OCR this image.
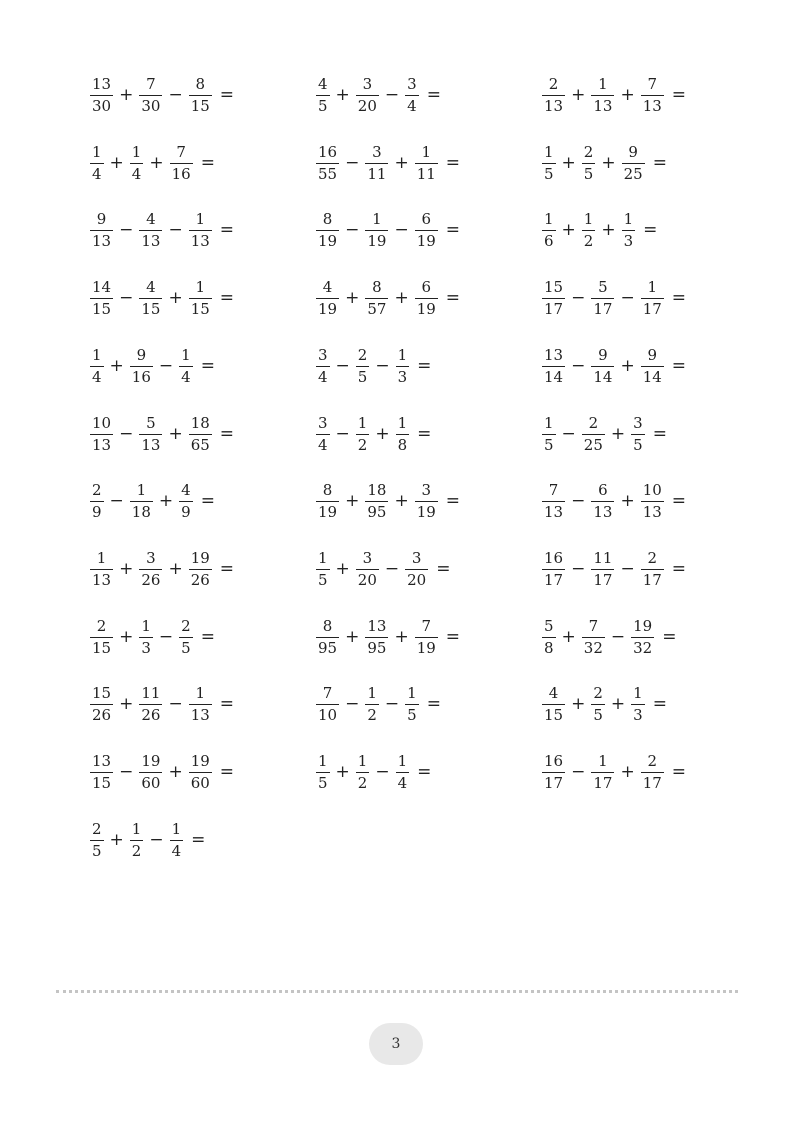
$\frac{13}{30} + \frac{7}{30} - \frac{8}{15}$ =	$\frac{4}{5} + \frac{3}{20} - \frac{3}{4}$ =	$\frac{2}{13} + \frac{1}{13} + \frac{7}{13}$ =
$\frac{1}{4} + \frac{1}{4} + \frac{7}{16}$ =	$\frac{16}{55} - \frac{3}{11} + \frac{1}{11}$ =	$\frac{1}{5} + \frac{2}{5} + \frac{9}{25}$ =
$\frac{9}{13} - \frac{4}{13} - \frac{1}{13}$ =	$\frac{8}{19} - \frac{1}{19} - \frac{6}{19}$ =	$\frac{1}{6} + \frac{1}{2} + \frac{1}{3}$ =
$\frac{14}{15} - \frac{4}{15} + \frac{1}{15}$ =	$\frac{4}{19} + \frac{8}{57} + \frac{6}{19}$ =	$\frac{15}{17} - \frac{5}{17} - \frac{1}{17}$ =
$\frac{1}{4} + \frac{9}{16} - \frac{1}{4}$ =	$\frac{3}{4} - \frac{2}{5} - \frac{1}{3}$ =	$\frac{13}{14} - \frac{9}{14} + \frac{9}{14}$ =
$\frac{10}{13} - \frac{5}{13} + \frac{18}{65}$ =	$\frac{3}{4} - \frac{1}{2} + \frac{1}{8}$ =	$\frac{1}{5} - \frac{2}{25} + \frac{3}{5}$ =
$\frac{2}{9} - \frac{1}{18} + \frac{4}{9}$ =	$\frac{8}{19} + \frac{18}{95} + \frac{3}{19}$ =	$\frac{7}{13} - \frac{6}{13} + \frac{10}{13}$ =
$\frac{1}{13} + \frac{3}{26} + \frac{19}{26}$ =	$\frac{1}{5} + \frac{3}{20} - \frac{3}{20}$ =	$\frac{16}{17} - \frac{11}{17} - \frac{2}{17}$ =
$\frac{2}{15} + \frac{1}{3} - \frac{2}{5}$ =	$\frac{8}{95} + \frac{13}{95} + \frac{7}{19}$ =	$\frac{5}{8} + \frac{7}{32} - \frac{19}{32}$ =
$\frac{15}{26} + \frac{11}{26} - \frac{1}{13}$ =	$\frac{7}{10} - \frac{1}{2} - \frac{1}{5}$ =	$\frac{4}{15} + \frac{2}{5} + \frac{1}{3}$ =
$\frac{13}{15} - \frac{19}{60} + \frac{19}{60}$ =	$\frac{1}{5} + \frac{1}{2} - \frac{1}{4}$ =	$\frac{16}{17} - \frac{1}{17} + \frac{2}{17}$ =
$\frac{2}{5} + \frac{1}{2} - \frac{1}{4}$ =
3
